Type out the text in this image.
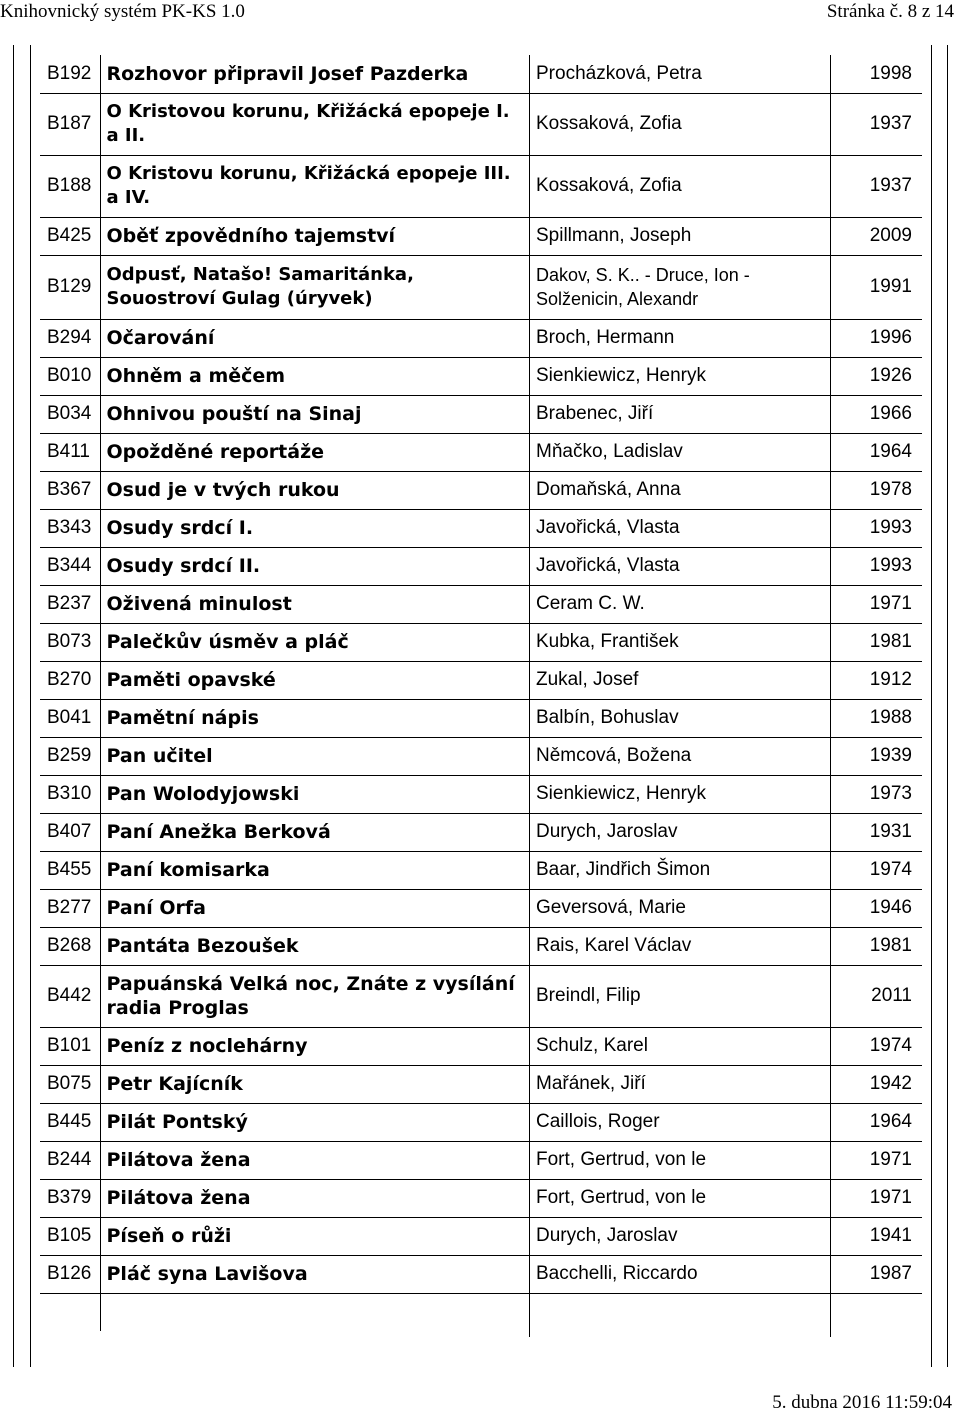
Knihovnický systém PK-KS 1.0	Stránka č. 8 z 14
B192	Rozhovor připravil Josef Pazderka	Procházková, Petra	1998
B187	O Kristovou korunu, Křižácká epopeje I. a II.	Kossaková, Zofia	1937
B188	O Kristovu korunu, Křižácká epopeje III. a IV.	Kossaková, Zofia	1937
B425	Oběť zpovědního tajemství	Spillmann, Joseph	2009
B129	Odpusť, Natašo! Samaritánka, Souostroví Gulag (úryvek)	Dakov, S. K.. - Druce, Ion - Solženicin, Alexandr	1991
B294	Očarování	Broch, Hermann	1996
B010	Ohněm a měčem	Sienkiewicz, Henryk	1926
B034	Ohnivou pouští na Sinaj	Brabenec, Jiří	1966
B411	Opožděné reportáže	Mňačko, Ladislav	1964
B367	Osud je v tvých rukou	Domaňská, Anna	1978
B343	Osudy srdcí I.	Javořická, Vlasta	1993
B344	Osudy srdcí II.	Javořická, Vlasta	1993
B237	Oživená minulost	Ceram C. W.	1971
B073	Palečkův úsměv a pláč	Kubka, František	1981
B270	Paměti opavské	Zukal, Josef	1912
B041	Pamětní nápis	Balbín, Bohuslav	1988
B259	Pan učitel	Němcová, Božena	1939
B310	Pan Wolodyjowski	Sienkiewicz, Henryk	1973
B407	Paní Anežka Berková	Durych, Jaroslav	1931
B455	Paní komisarka	Baar, Jindřich Šimon	1974
B277	Paní Orfa	Geversová, Marie	1946
B268	Pantáta Bezoušek	Rais, Karel Václav	1981
B442	Papuánská Velká noc, Znáte z vysílání radia Proglas	Breindl, Filip	2011
B101	Peníz z noclehárny	Schulz, Karel	1974
B075	Petr Kajícník	Mařánek, Jiří	1942
B445	Pilát Pontský	Caillois, Roger	1964
B244	Pilátova žena	Fort, Gertrud, von le	1971
B379	Pilátova žena	Fort, Gertrud, von le	1971
B105	Píseň o růži	Durych, Jaroslav	1941
B126	Pláč syna Lavišova	Bacchelli, Riccardo	1987

5. dubna 2016 11:59:04
